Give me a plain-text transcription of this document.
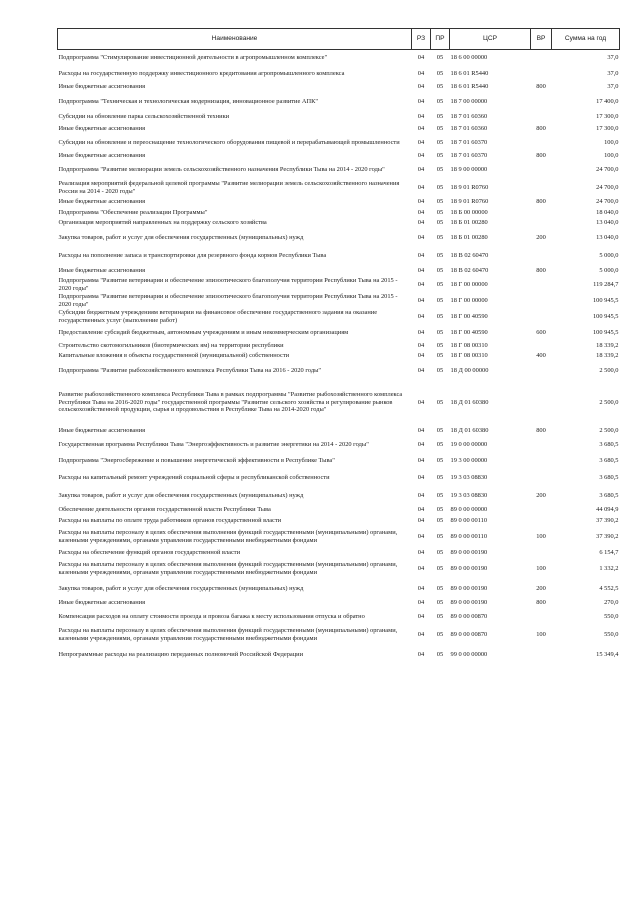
Наименование	РЗ	ПР	ЦСР	ВР	Сумма на год
Подпрограмма "Стимулирование инвестиционной деятельности в агропромышленном комплексе"	04	05	18 6 00 00000		37,0
Расходы на государственную поддержку инвестиционного кредитования агропромышленного комплекса	04	05	18 6 01 R5440		37,0
Иные бюджетные ассигнования	04	05	18 6 01 R5440	800	37,0
Подпрограмма "Техническая и технологическая модернизация, инновационное развитие АПК"	04	05	18 7 00 00000		17 400,0
Субсидии на обновление парка сельскохозяйственной техники	04	05	18 7 01 60360		17 300,0
Иные бюджетные ассигнования	04	05	18 7 01 60360	800	17 300,0
Субсидии на обновление и переоснащение технологического оборудования пищевой и перерабатывающей промышленности	04	05	18 7 01 60370		100,0
Иные бюджетные ассигнования	04	05	18 7 01 60370	800	100,0
Подпрограмма "Развитие мелиорации земель сельскохозяйственного назначения Республики Тыва на 2014 - 2020 годы"	04	05	18 9 00 00000		24 700,0
Реализация мероприятий федеральной целевой программы "Развитие мелиорации земель сельскохозяйственного назначения России на 2014 - 2020 годы"	04	05	18 9 01 R0760		24 700,0
Иные бюджетные ассигнования	04	05	18 9 01 R0760	800	24 700,0
Подпрограмма "Обеспечение реализации Программы"	04	05	18 Б 00 00000		18 040,0
Организация мероприятий направленных на поддержку сельского хозяйства	04	05	18 Б 01 00280		13 040,0
Закупка товаров, работ и услуг для обеспечения государственных (муниципальных) нужд	04	05	18 Б 01 00280	200	13 040,0
Расходы на пополнение запаса и транспортировки для резервного фонда кормов Республики Тыва	04	05	18 В 02 60470		5 000,0
Иные бюджетные ассигнования	04	05	18 В 02 60470	800	5 000,0
Подпрограмма "Развитие ветеринарии и обеспечение эпизоотического благополучия территории Республики Тыва на 2015 - 2020 годы"	04	05	18 Г 00 00000		119 284,7
Подпрограмма "Развитие ветеринарии и обеспечение эпизоотического благополучия территории Республики Тыва на 2015 - 2020 годы"	04	05	18 Г 00 00000		100 945,5
Субсидии бюджетным учреждениям ветеринарии на финансовое обеспечение государственного задания на оказание государственных услуг (выполнение работ)	04	05	18 Г 00 40590		100 945,5
Предоставление субсидий бюджетным, автономным учреждениям и иным некоммерческим организациям	04	05	18 Г 00 40590	600	100 945,5
Строительство скотомогильников (биотермических ям) на территории республики	04	05	18 Г 08 00310		18 339,2
Капитальные вложения в объекты государственной (муниципальной) собственности	04	05	18 Г 08 00310	400	18 339,2
Подпрограмма "Развитие рыбохозяйственного комплекса Республики Тыва на 2016 - 2020 годы"	04	05	18 Д 00 00000		2 500,0
Развитие рыбохозяйственного комплекса Республики Тыва в рамках подпрограммы "Развитие рыбохозяйственного комплекса Республики Тыва на 2016-2020 годы" государственной программы "Развитие сельского хозяйства и регулирование рынков сельскохозяйственной продукции, сырья и продовольствия в Республике Тыва на 2014-2020 годы"	04	05	18 Д 01 60380		2 500,0
Иные бюджетные ассигнования	04	05	18 Д 01 60380	800	2 500,0
Государственная программа Республики Тыва "Энергоэффективность и развитие энергетики на 2014 - 2020 годы"	04	05	19 0 00 00000		3 680,5
Подпрограмма "Энергосбережение и повышение энергетической эффективности в Республике Тыва"	04	05	19 3 00 00000		3 680,5
Расходы на капитальный ремонт учреждений социальной сферы и республиканской собственности	04	05	19 3 03 08830		3 680,5
Закупка товаров, работ и услуг для обеспечения государственных (муниципальных) нужд	04	05	19 3 03 08830	200	3 680,5
Обеспечение деятельности органов государственной власти Республики Тыва	04	05	89 0 00 00000		44 094,9
Расходы на выплаты по оплате труда работников органов государственной власти	04	05	89 0 00 00110		37 390,2
Расходы на выплаты персоналу в целях обеспечения выполнения функций государственными (муниципальными) органами, казенными учреждениями, органами управления государственными внебюджетными фондами	04	05	89 0 00 00110	100	37 390,2
Расходы на обеспечение функций органов государственной власти	04	05	89 0 00 00190		6 154,7
Расходы на выплаты персоналу в целях обеспечения выполнения функций государственными (муниципальными) органами, казенными учреждениями, органами управления государственными внебюджетными фондами	04	05	89 0 00 00190	100	1 332,2
Закупка товаров, работ и услуг для обеспечения государственных (муниципальных) нужд	04	05	89 0 00 00190	200	4 552,5
Иные бюджетные ассигнования	04	05	89 0 00 00190	800	270,0
Компенсация расходов на оплату стоимости проезда и провоза багажа к месту использования отпуска и обратно	04	05	89 0 00 00870		550,0
Расходы на выплаты персоналу в целях обеспечения выполнения функций государственными (муниципальными) органами, казенными учреждениями, органами управления государственными внебюджетными фондами	04	05	89 0 00 00870	100	550,0
Непрограммные расходы на реализацию переданных полномочий Российской Федерации	04	05	99 0 00 00000		15 349,4
